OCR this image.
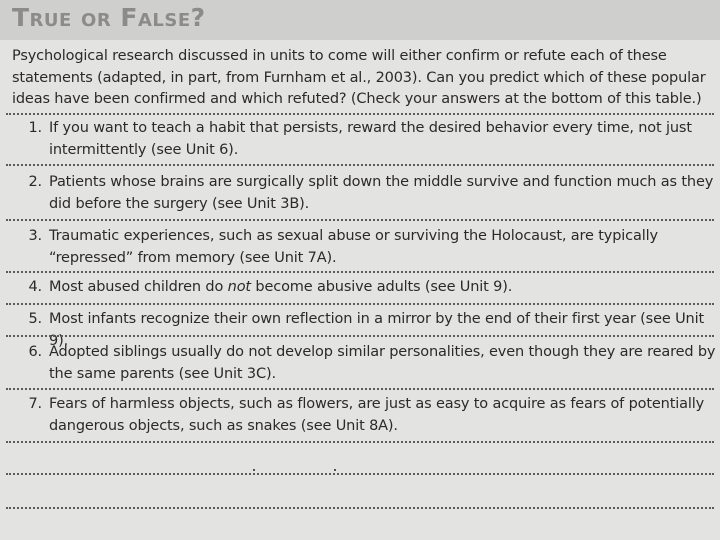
True or False?

Psychological research discussed in units to come will either confirm or refute each of these statements (adapted, in part, from Furnham et al., 2003). Can you predict which of these popular ideas have been confirmed and which refuted? (Check your answers at the bottom of this table.)

1. If you want to teach a habit that persists, reward the desired behavior every time, not just intermittently (see Unit 6).
2. Patients whose brains are surgically split down the middle survive and function much as they did before the surgery (see Unit 3B).
3. Traumatic experiences, such as sexual abuse or surviving the Holocaust, are typically “repressed” from memory (see Unit 7A).
4. Most abused children do not become abusive adults (see Unit 9).
5. Most infants recognize their own reflection in a mirror by the end of their first year (see Unit 9).
6. Adopted siblings usually do not develop similar personalities, even though they are reared by the same parents (see Unit 3C).
7. Fears of harmless objects, such as flowers, are just as easy to acquire as fears of potentially dangerous objects, such as snakes (see Unit 8A).
